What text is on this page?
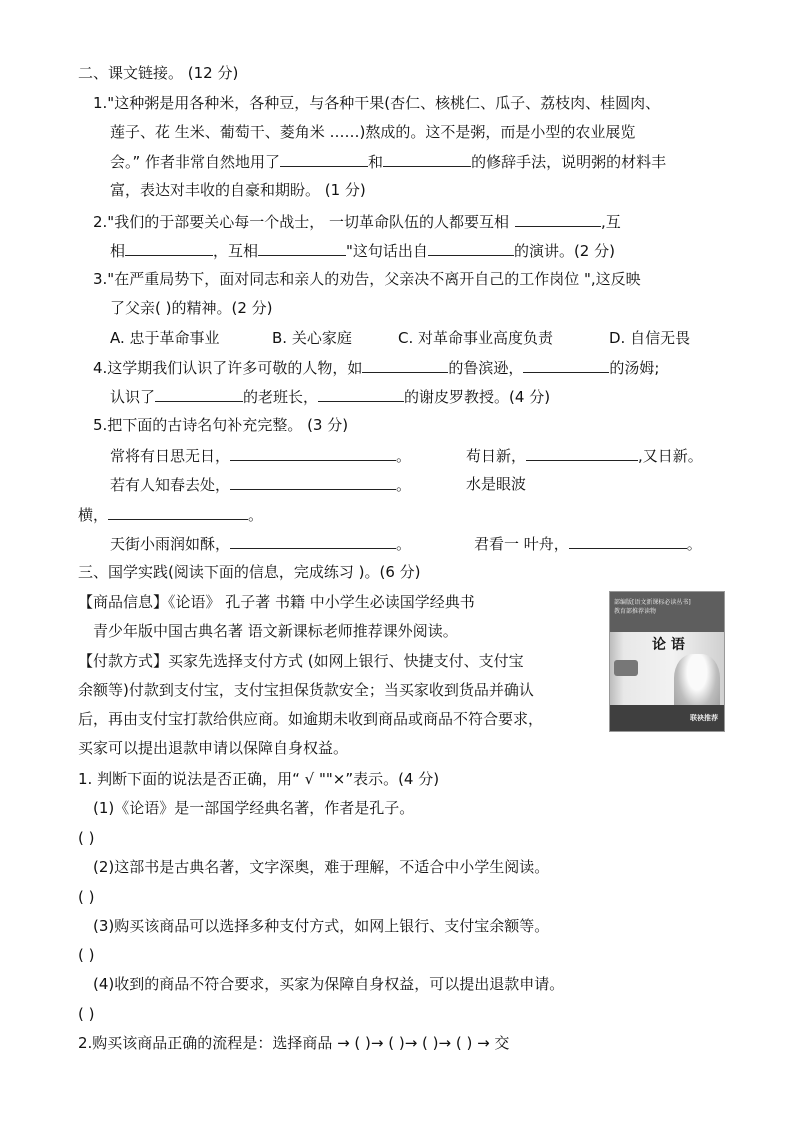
二、课文链接。 (12 分)
1."这种粥是用各种米，各种豆，与各种干果(杏仁、核桃仁、瓜子、荔枝肉、桂圆肉、
莲子、花 生米、葡萄干、菱角米 ……)熬成的。这不是粥，而是小型的农业展览
会。” 作者非常自然地用了	和	的修辞手法，说明粥的材料丰
富，表达对丰收的自豪和期盼。 (1 分)
2."我们的于部要关心每一个战士， 一切革命队伍的人都要互相	,互
相	，互相	"这句话出自	的演讲。(2 分)
3."在严重局势下，面对同志和亲人的劝告，父亲决不离开自己的工作岗位 ",这反映
了父亲( )的精神。(2 分)
A. 忠于革命事业	B. 关心家庭	C. 对革命事业高度负责	D. 自信无畏
4.这学期我们认识了许多可敬的人物，如	的鲁滨逊，	的汤姆;
认识了	的老班长，	的谢皮罗教授。(4 分)
5.把下面的古诗名句补充完整。 (3 分)
常将有日思无日，	。	苟日新，	,又日新。
若有人知春去处，	。	水是眼波
横，	。
天街小雨润如酥，	。	君看一 叶舟，	。
三、国学实践(阅读下面的信息，完成练习 )。(6 分)
【商品信息】《论语》 孔子著 书籍 中小学生必读国学经典书
青少年版中国古典名著 语文新课标老师推荐课外阅读。
【付款方式】买家先选择支付方式 (如网上银行、快捷支付、支付宝
余额等)付款到支付宝，支付宝担保货款安全；当买家收到货品并确认
后，再由支付宝打款给供应商。如逾期未收到商品或商品不符合要求，
买家可以提出退款申请以保障自身权益。
部编版[语文新课标必读丛书]
教育部推荐读物
论 语
联袂推荐
1. 判断下面的说法是否正确，用“ √ ""×”表示。(4 分)
(1)《论语》是一部国学经典名著，作者是孔子。
( )
(2)这部书是古典名著，文字深奥，难于理解，不适合中小学生阅读。
( )
(3)购买该商品可以选择多种支付方式，如网上银行、支付宝余额等。
( )
(4)收到的商品不符合要求，买家为保障自身权益，可以提出退款申请。
( )
2.购买该商品正确的流程是：选择商品 → ( )→ ( )→ ( )→ ( ) → 交
